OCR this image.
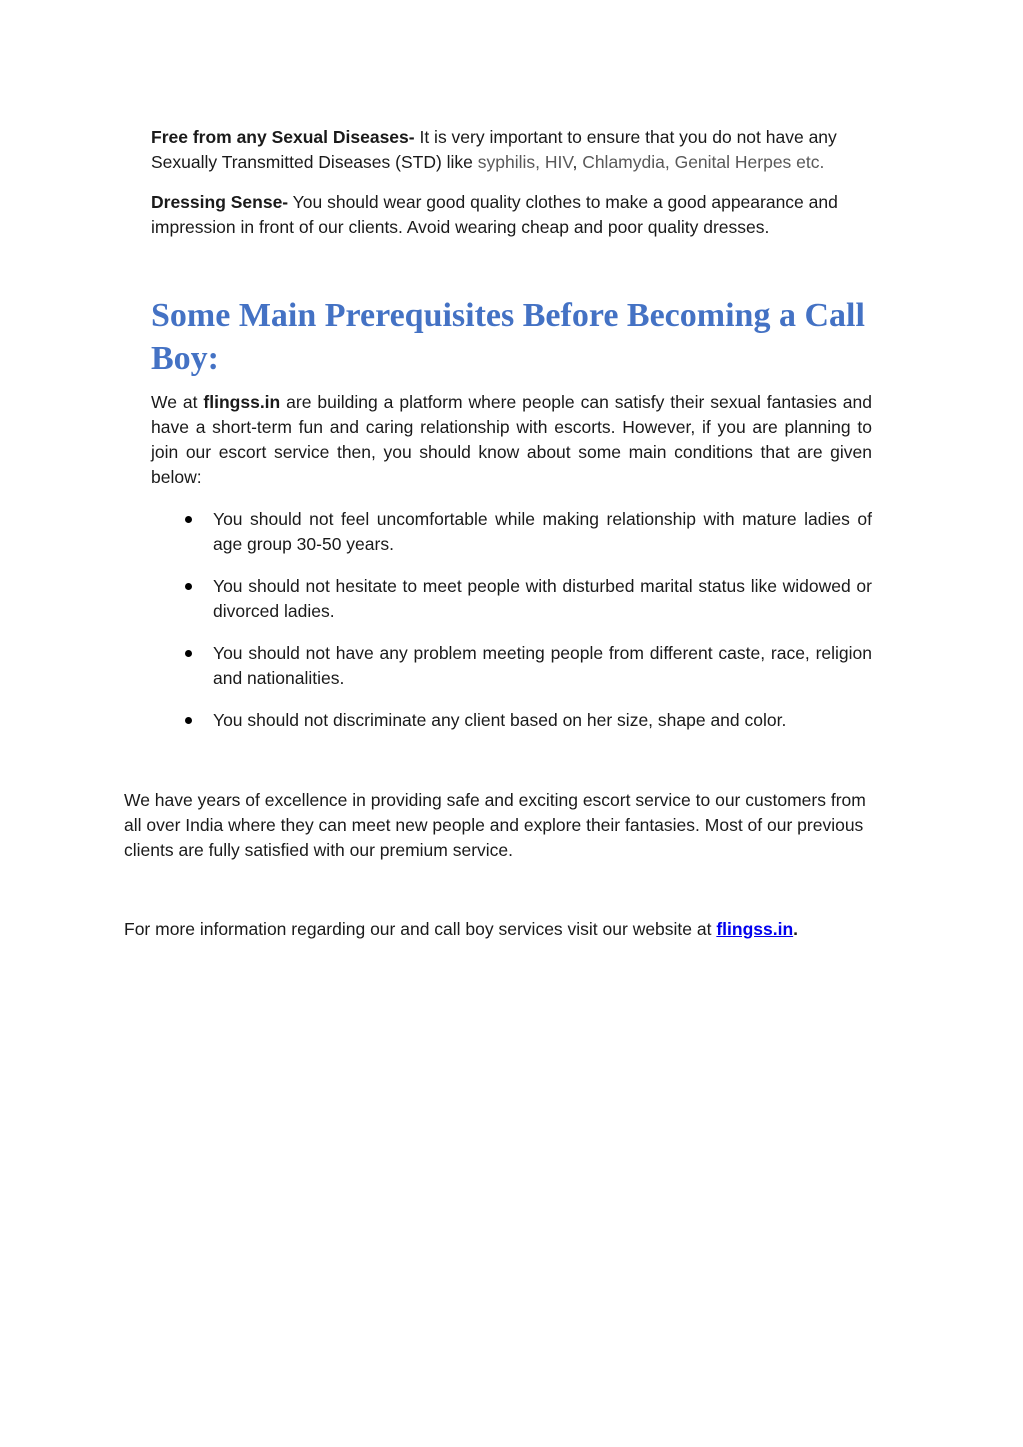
Free from any Sexual Diseases- It is very important to ensure that you do not have any Sexually Transmitted Diseases (STD) like syphilis, HIV, Chlamydia, Genital Herpes etc.

Dressing Sense- You should wear good quality clothes to make a good appearance and impression in front of our clients. Avoid wearing cheap and poor quality dresses.

Some Main Prerequisites Before Becoming a Call Boy:

We at flingss.in are building a platform where people can satisfy their sexual fantasies and have a short-term fun and caring relationship with escorts. However, if you are planning to join our escort service then, you should know about some main conditions that are given below:

You should not feel uncomfortable while making relationship with mature ladies of age group 30-50 years.
You should not hesitate to meet people with disturbed marital status like widowed or divorced ladies.
You should not have any problem meeting people from different caste, race, religion and nationalities.
You should not discriminate any client based on her size, shape and color.

We have years of excellence in providing safe and exciting escort service to our customers from all over India where they can meet new people and explore their fantasies. Most of our previous clients are fully satisfied with our premium service.

For more information regarding our and call boy services visit our website at flingss.in.
